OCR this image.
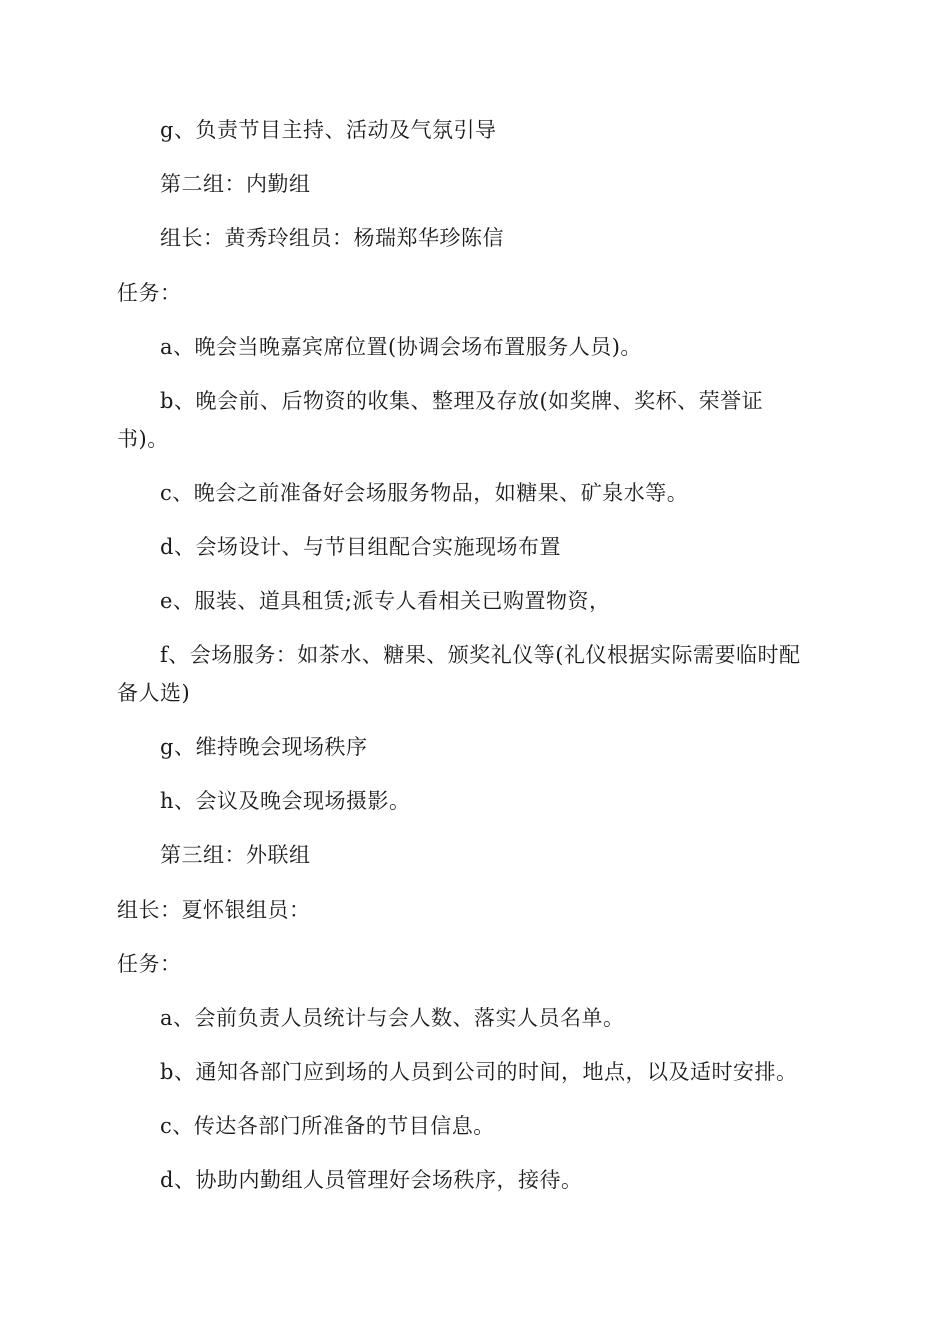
g、负责节目主持、活动及气氛引导
第二组：内勤组
组长：黄秀玲组员：杨瑞郑华珍陈信
任务：
a、晚会当晚嘉宾席位置(协调会场布置服务人员)。
b、晚会前、后物资的收集、整理及存放(如奖牌、奖杯、荣誉证
书)。
c、晚会之前准备好会场服务物品，如糖果、矿泉水等。
d、会场设计、与节目组配合实施现场布置
e、服装、道具租赁;派专人看相关已购置物资，
f、会场服务：如茶水、糖果、颁奖礼仪等(礼仪根据实际需要临时配
备人选)
g、维持晚会现场秩序
h、会议及晚会现场摄影。
第三组：外联组
组长：夏怀银组员：
任务：
a、会前负责人员统计与会人数、落实人员名单。
b、通知各部门应到场的人员到公司的时间，地点，以及适时安排。
c、传达各部门所准备的节目信息。
d、协助内勤组人员管理好会场秩序，接待。
